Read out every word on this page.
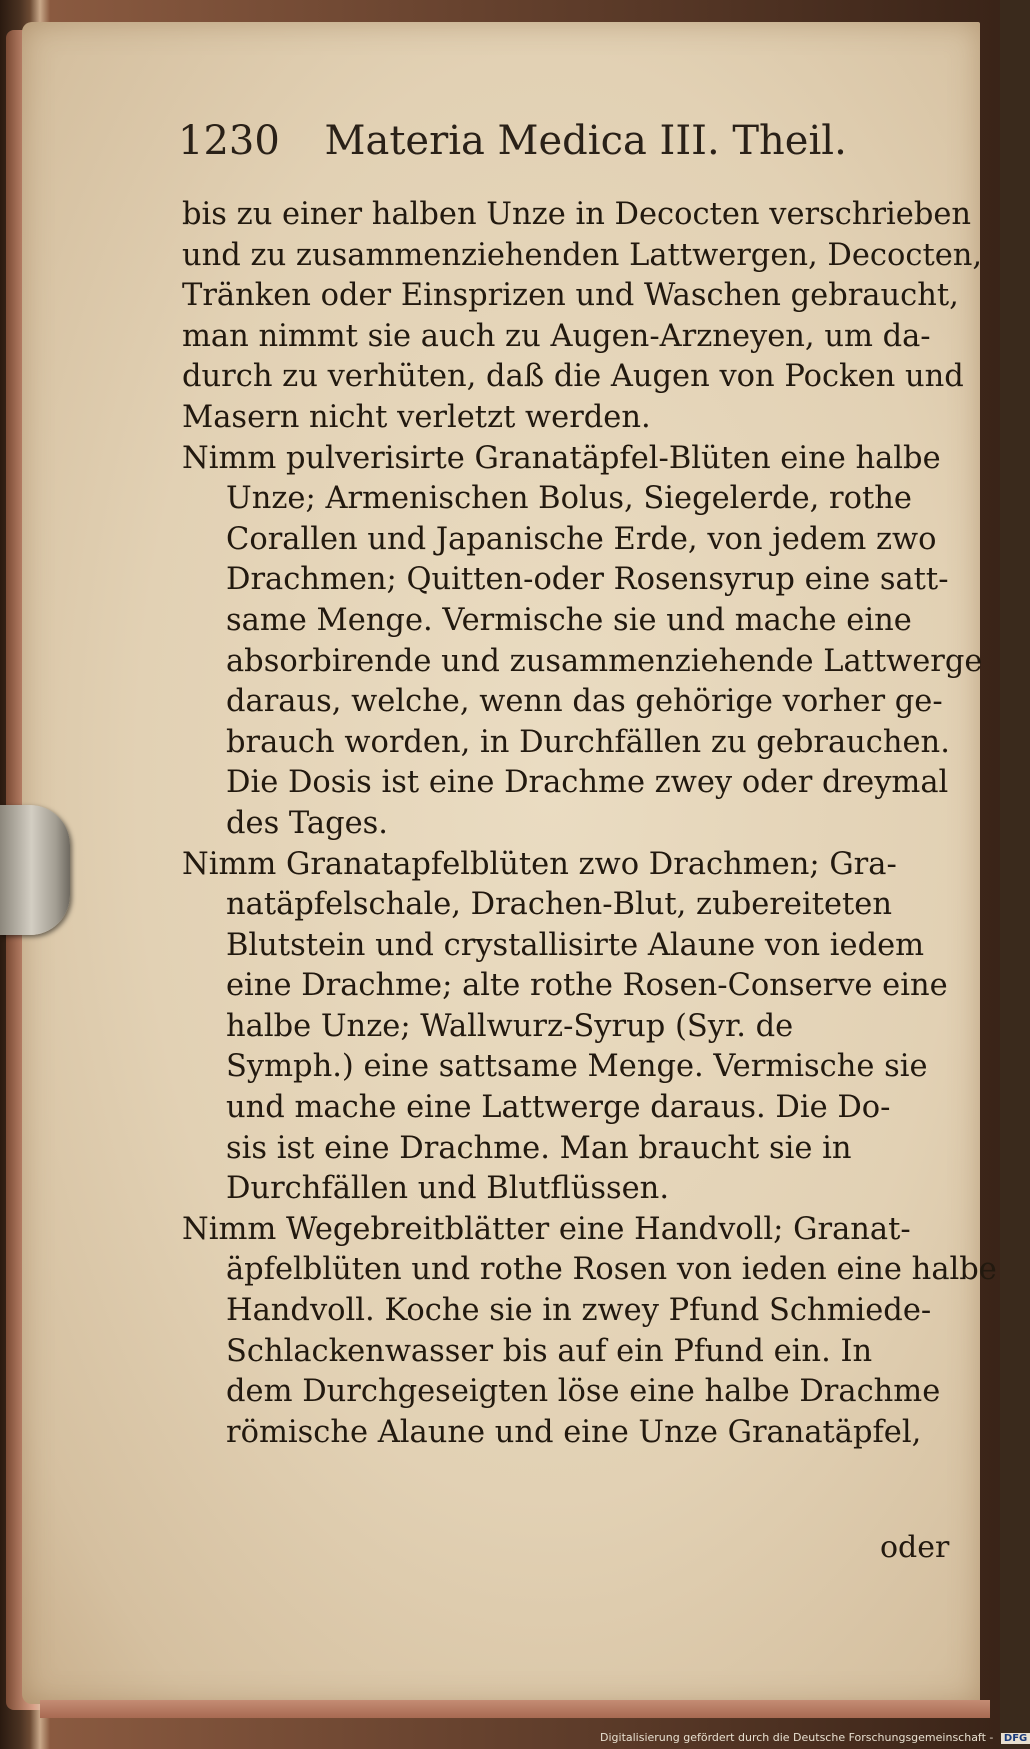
1230 Materia Medica III. Theil.
bis zu einer halben Unze in Decocten verschrieben
und zu zusammenziehenden Lattwergen, Decocten,
Tränken oder Einsprizen und Waschen gebraucht,
man nimmt sie auch zu Augen-Arzneyen, um da-
durch zu verhüten, daß die Augen von Pocken und
Masern nicht verletzt werden.
Nimm pulverisirte Granatäpfel-Blüten eine halbe
Unze; Armenischen Bolus, Siegelerde, rothe
Corallen und Japanische Erde, von jedem zwo
Drachmen; Quitten-oder Rosensyrup eine satt-
same Menge. Vermische sie und mache eine
absorbirende und zusammenziehende Lattwerge
daraus, welche, wenn das gehörige vorher ge-
brauch worden, in Durchfällen zu gebrauchen.
Die Dosis ist eine Drachme zwey oder dreymal
des Tages.
Nimm Granatapfelblüten zwo Drachmen; Gra-
natäpfelschale, Drachen-Blut, zubereiteten
Blutstein und crystallisirte Alaune von iedem
eine Drachme; alte rothe Rosen-Conserve eine
halbe Unze; Wallwurz-Syrup (Syr. de
Symph.) eine sattsame Menge. Vermische sie
und mache eine Lattwerge daraus. Die Do-
sis ist eine Drachme. Man braucht sie in
Durchfällen und Blutflüssen.
Nimm Wegebreitblätter eine Handvoll; Granat-
äpfelblüten und rothe Rosen von ieden eine halbe
Handvoll. Koche sie in zwey Pfund Schmiede-
Schlackenwasser bis auf ein Pfund ein. In
dem Durchgeseigten löse eine halbe Drachme
römische Alaune und eine Unze Granatäpfel,
oder
Digitalisierung gefördert durch die Deutsche Forschungsgemeinschaft - DFG
